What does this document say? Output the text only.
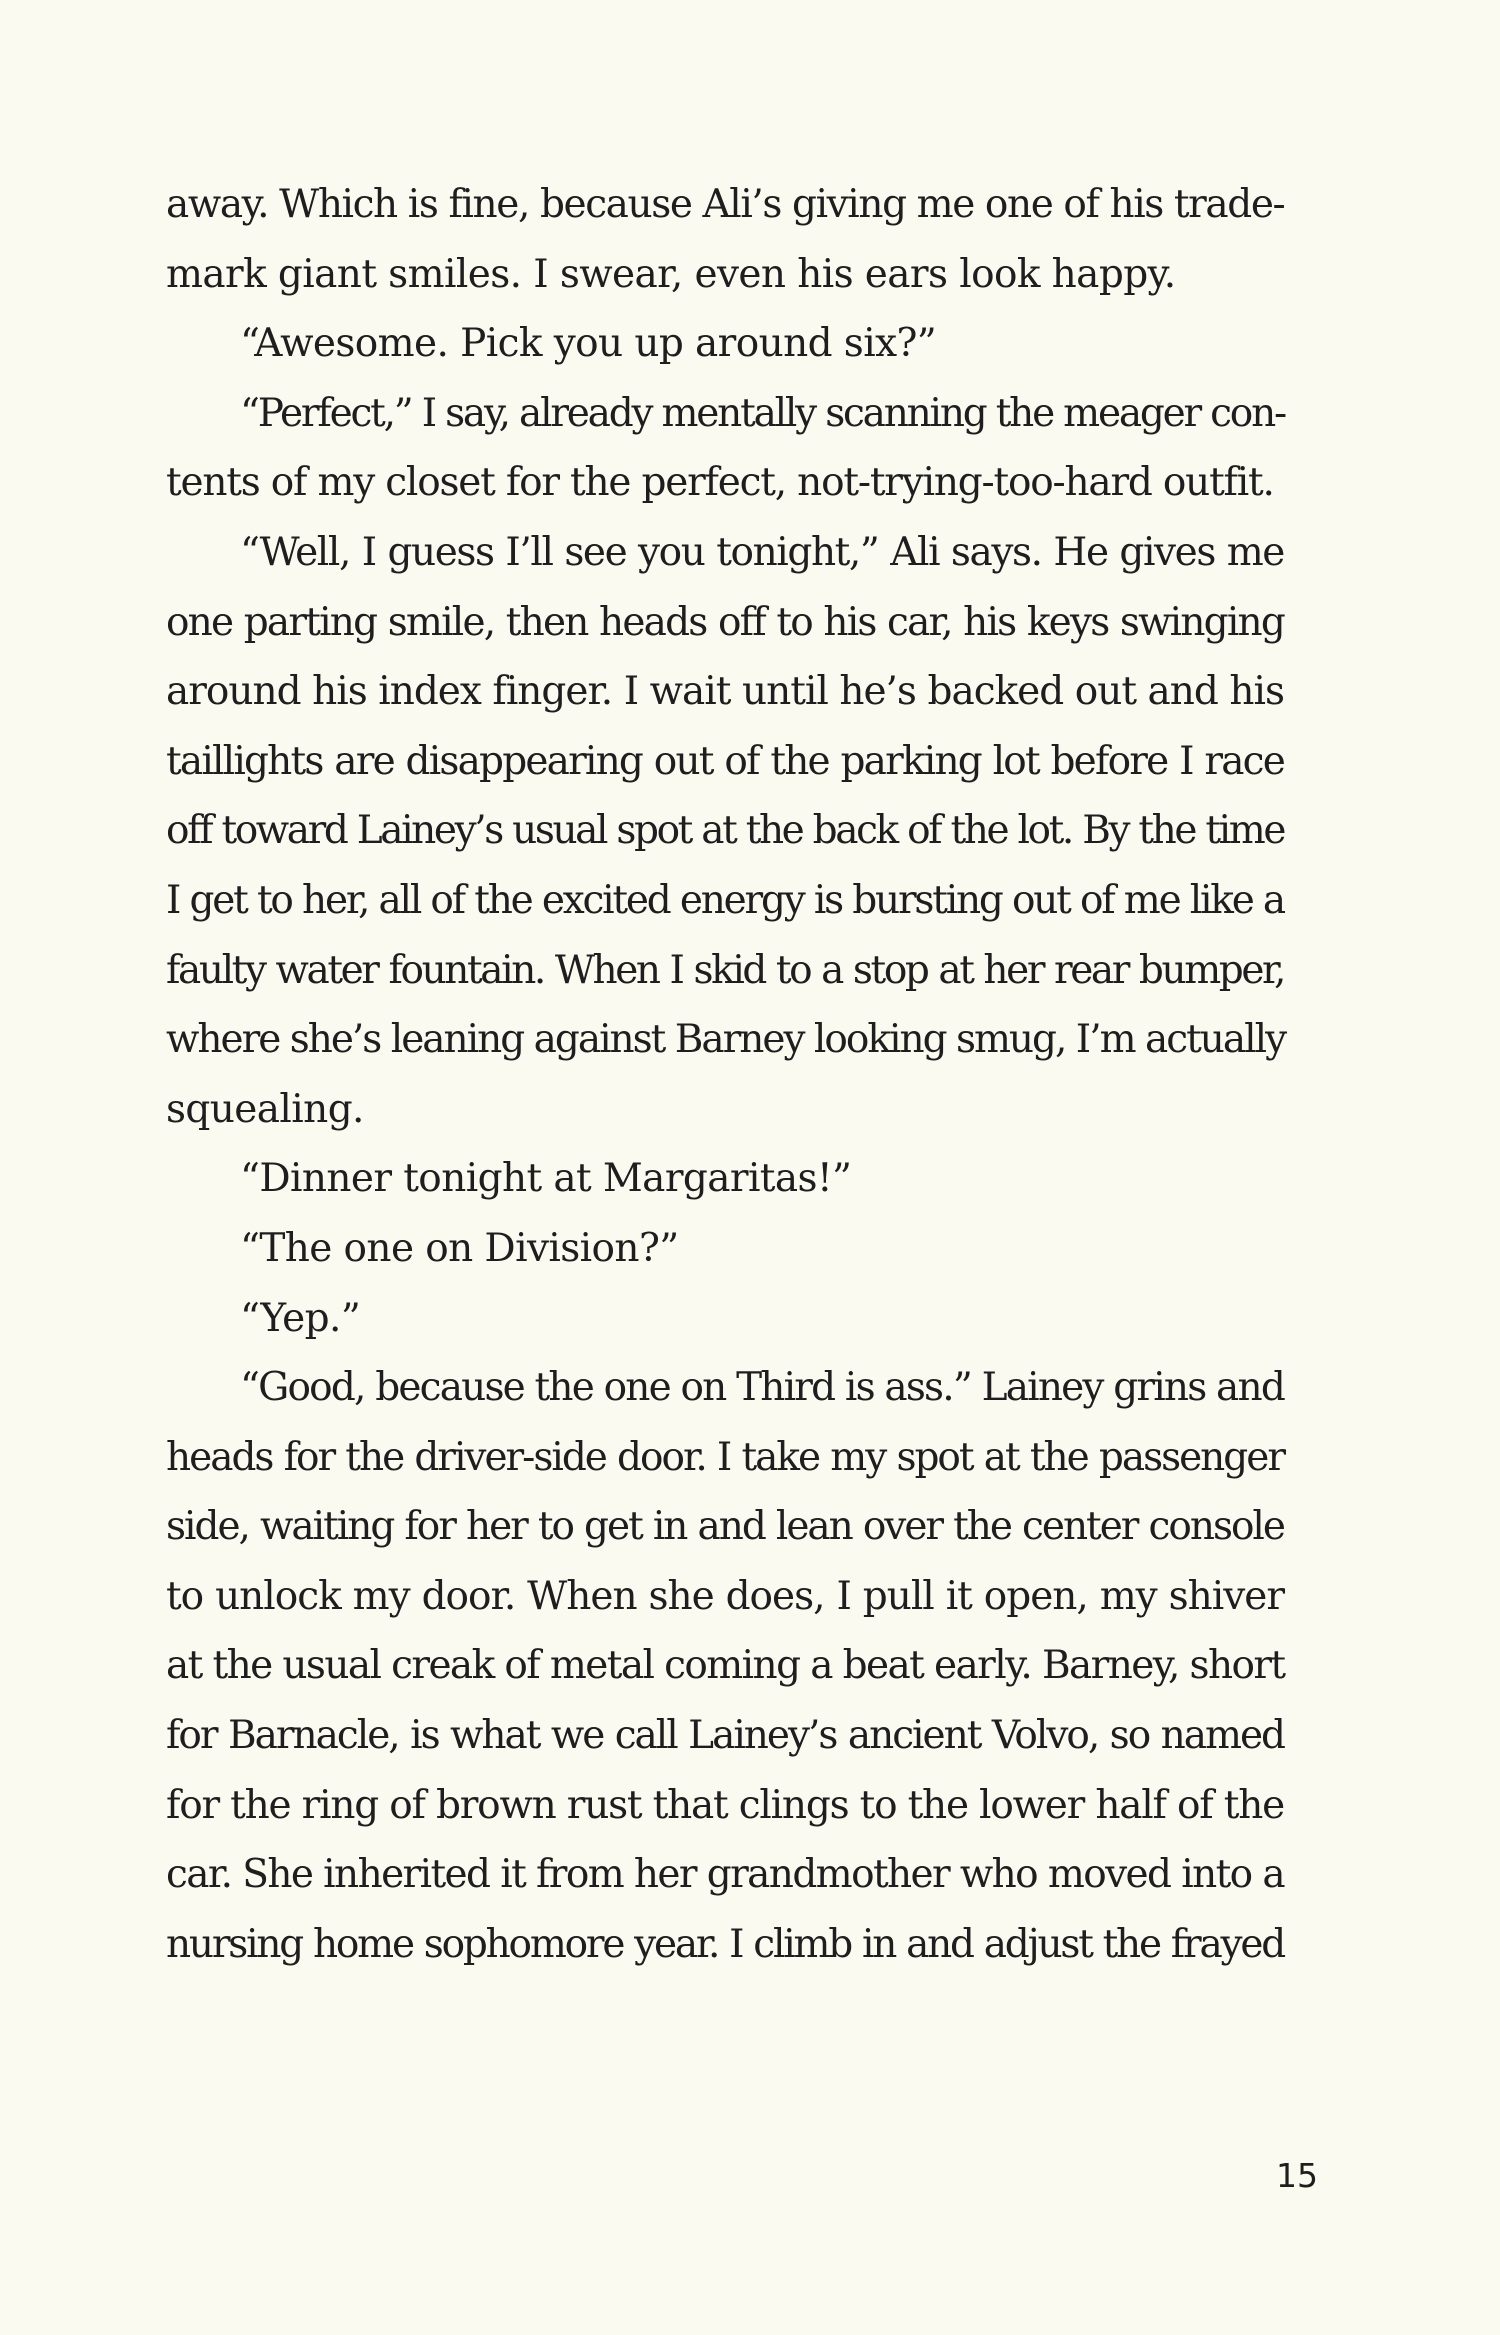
away. Which is fine, because Ali’s giving me one of his trade-
mark giant smiles. I swear, even his ears look happy.
“Awesome. Pick you up around six?”
“Perfect,” I say, already mentally scanning the meager con-
tents of my closet for the perfect, not-trying-too-hard outfit.
“Well, I guess I’ll see you tonight,” Ali says. He gives me
one parting smile, then heads off to his car, his keys swinging
around his index finger. I wait until he’s backed out and his
taillights are disappearing out of the parking lot before I race
off toward Lainey’s usual spot at the back of the lot. By the time
I get to her, all of the excited energy is bursting out of me like a
faulty water fountain. When I skid to a stop at her rear bumper,
where she’s leaning against Barney looking smug, I’m actually
squealing.
“Dinner tonight at Margaritas!”
“The one on Division?”
“Yep.”
“Good, because the one on Third is ass.” Lainey grins and
heads for the driver-side door. I take my spot at the passenger
side, waiting for her to get in and lean over the center console
to unlock my door. When she does, I pull it open, my shiver
at the usual creak of metal coming a beat early. Barney, short
for Barnacle, is what we call Lainey’s ancient Volvo, so named
for the ring of brown rust that clings to the lower half of the
car. She inherited it from her grandmother who moved into a
nursing home sophomore year. I climb in and adjust the frayed
15
